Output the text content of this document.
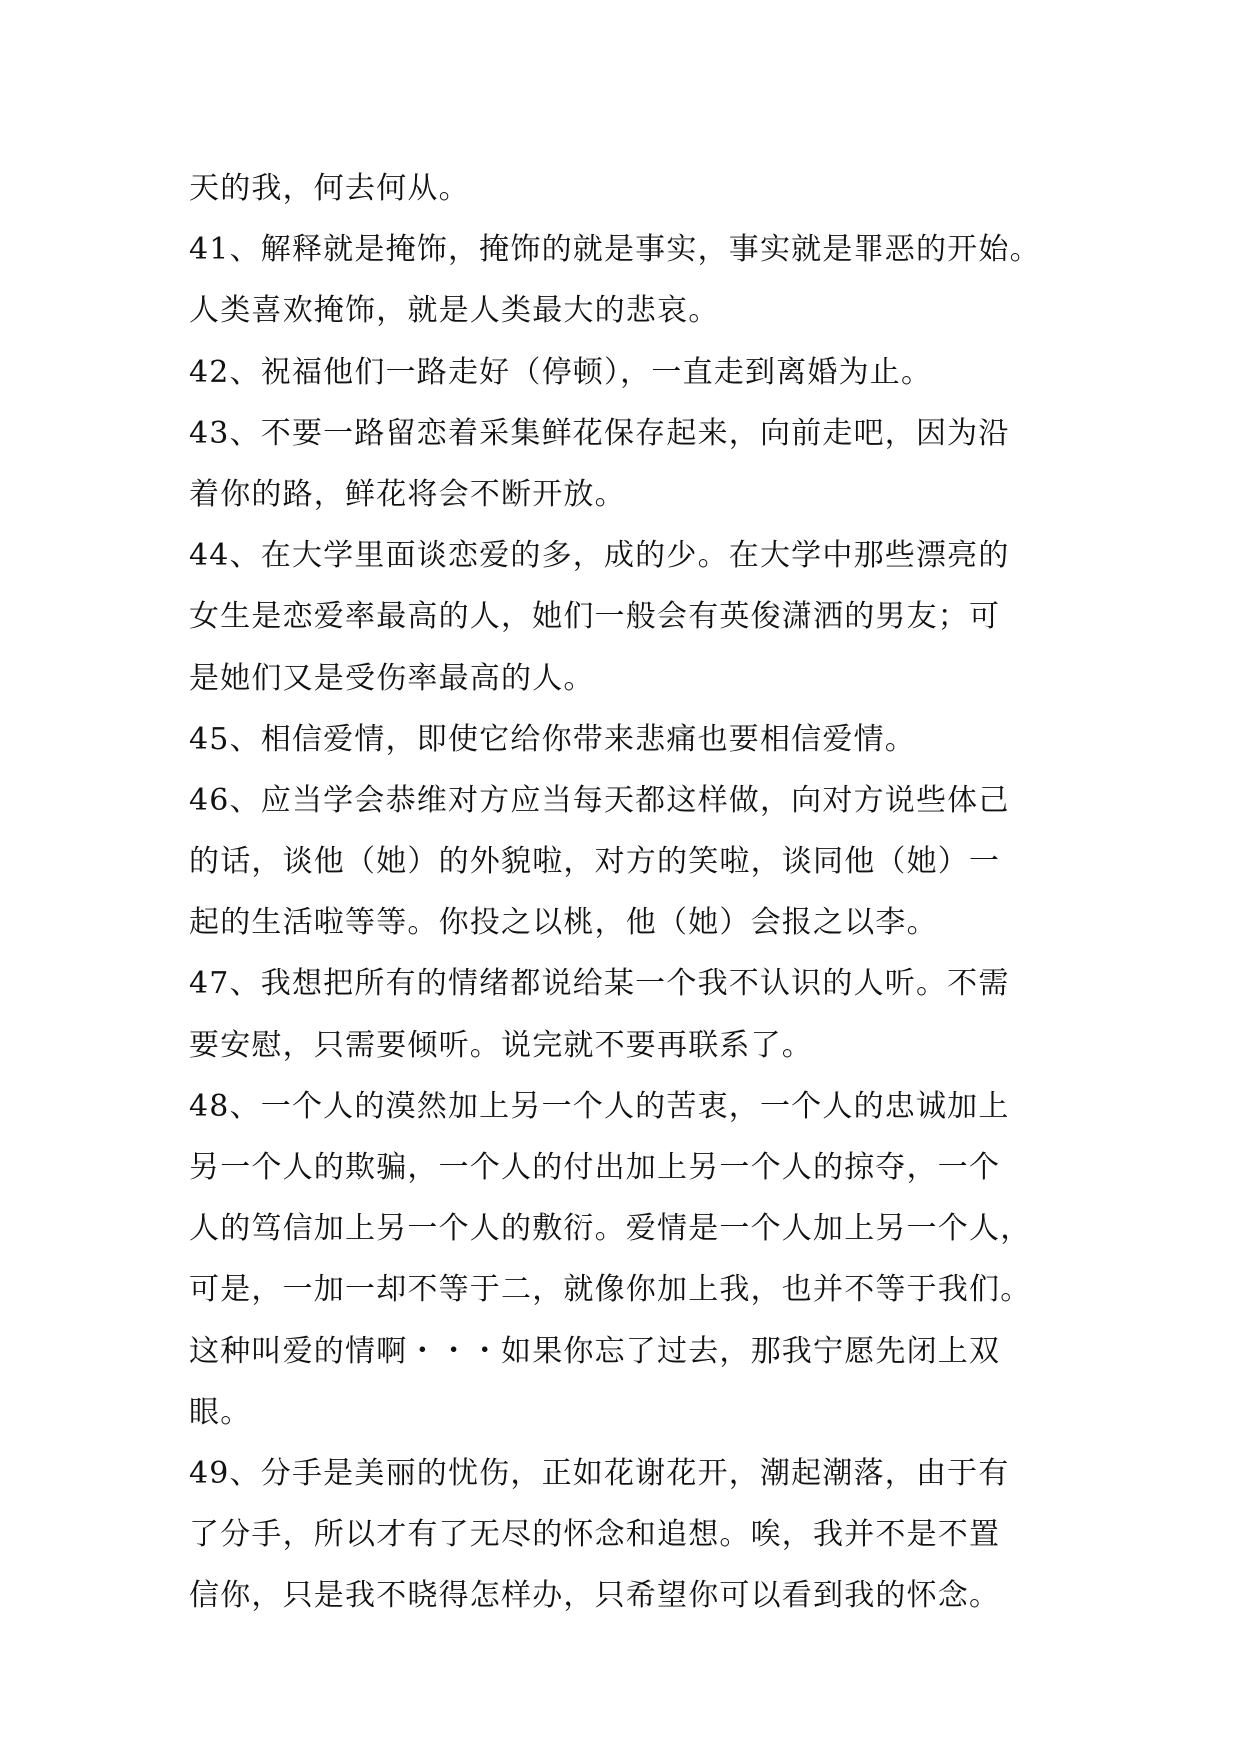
天的我，何去何从。
41、解释就是掩饰，掩饰的就是事实，事实就是罪恶的开始。
人类喜欢掩饰，就是人类最大的悲哀。
42、祝福他们一路走好（停顿），一直走到离婚为止。
43、不要一路留恋着采集鲜花保存起来，向前走吧，因为沿
着你的路，鲜花将会不断开放。
44、在大学里面谈恋爱的多，成的少。在大学中那些漂亮的
女生是恋爱率最高的人，她们一般会有英俊潇洒的男友；可
是她们又是受伤率最高的人。
45、相信爱情，即使它给你带来悲痛也要相信爱情。
46、应当学会恭维对方应当每天都这样做，向对方说些体己
的话，谈他（她）的外貌啦，对方的笑啦，谈同他（她）一
起的生活啦等等。你投之以桃，他（她）会报之以李。
47、我想把所有的情绪都说给某一个我不认识的人听。不需
要安慰，只需要倾听。说完就不要再联系了。
48、一个人的漠然加上另一个人的苦衷，一个人的忠诚加上
另一个人的欺骗，一个人的付出加上另一个人的掠夺，一个
人的笃信加上另一个人的敷衍。爱情是一个人加上另一个人，
可是，一加一却不等于二，就像你加上我，也并不等于我们。
这种叫爱的情啊・・・如果你忘了过去，那我宁愿先闭上双
眼。
49、分手是美丽的忧伤，正如花谢花开，潮起潮落，由于有
了分手，所以才有了无尽的怀念和追想。唉，我并不是不置
信你，只是我不晓得怎样办，只希望你可以看到我的怀念。
